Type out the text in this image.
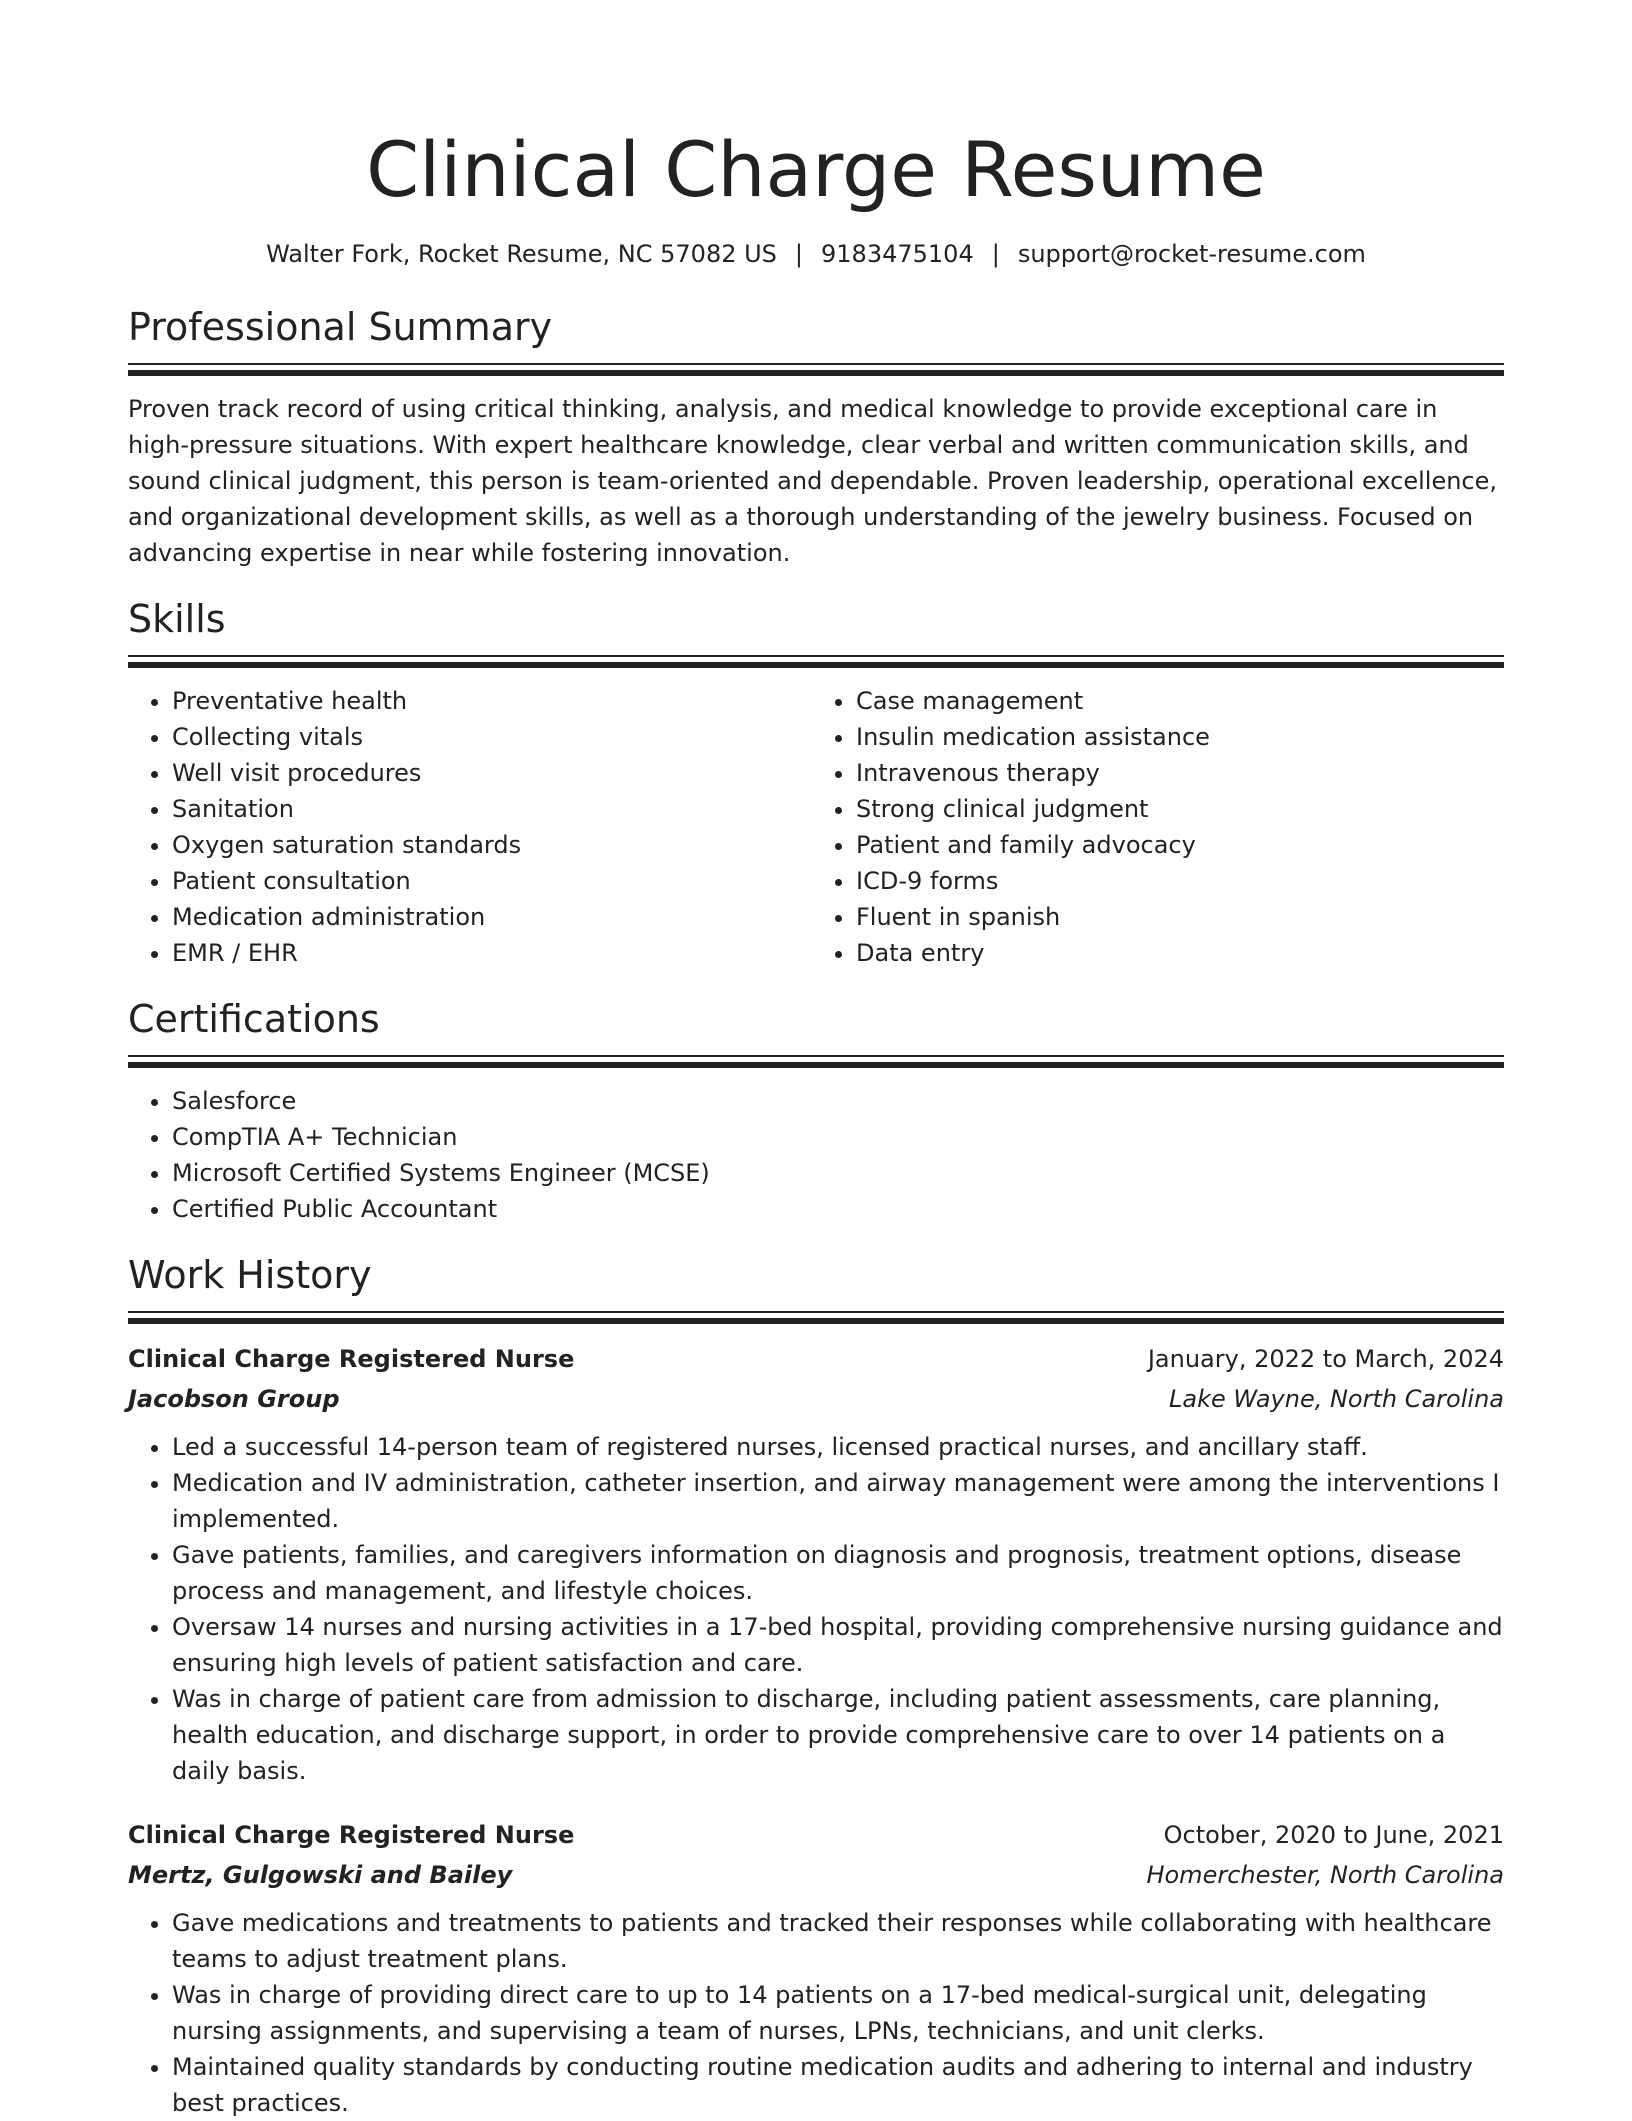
Clinical Charge Resume
Walter Fork, Rocket Resume, NC 57082 US | 9183475104 | support@rocket-resume.com
Professional Summary

Proven track record of using critical thinking, analysis, and medical knowledge to provide exceptional care in high-pressure situations. With expert healthcare knowledge, clear verbal and written communication skills, and sound clinical judgment, this person is team-oriented and dependable. Proven leadership, operational excellence, and organizational development skills, as well as a thorough understanding of the jewelry business. Focused on advancing expertise in near while fostering innovation.

Skills
• Preventative health
• Collecting vitals
• Well visit procedures
• Sanitation
• Oxygen saturation standards
• Patient consultation
• Medication administration
• EMR / EHR
• Case management
• Insulin medication assistance
• Intravenous therapy
• Strong clinical judgment
• Patient and family advocacy
• ICD-9 forms
• Fluent in spanish
• Data entry
Certifications
• Salesforce
• CompTIA A+ Technician
• Microsoft Certified Systems Engineer (MCSE)
• Certified Public Accountant
Work History
Clinical Charge Registered Nurse	January, 2022 to March, 2024
Jacobson Group	Lake Wayne, North Carolina
• Led a successful 14-person team of registered nurses, licensed practical nurses, and ancillary staff.
• Medication and IV administration, catheter insertion, and airway management were among the interventions I implemented.
• Gave patients, families, and caregivers information on diagnosis and prognosis, treatment options, disease process and management, and lifestyle choices.
• Oversaw 14 nurses and nursing activities in a 17-bed hospital, providing comprehensive nursing guidance and ensuring high levels of patient satisfaction and care.
• Was in charge of patient care from admission to discharge, including patient assessments, care planning, health education, and discharge support, in order to provide comprehensive care to over 14 patients on a daily basis.
Clinical Charge Registered Nurse	October, 2020 to June, 2021
Mertz, Gulgowski and Bailey	Homerchester, North Carolina
• Gave medications and treatments to patients and tracked their responses while collaborating with healthcare teams to adjust treatment plans.
• Was in charge of providing direct care to up to 14 patients on a 17-bed medical-surgical unit, delegating nursing assignments, and supervising a team of nurses, LPNs, technicians, and unit clerks.
• Maintained quality standards by conducting routine medication audits and adhering to internal and industry best practices.
